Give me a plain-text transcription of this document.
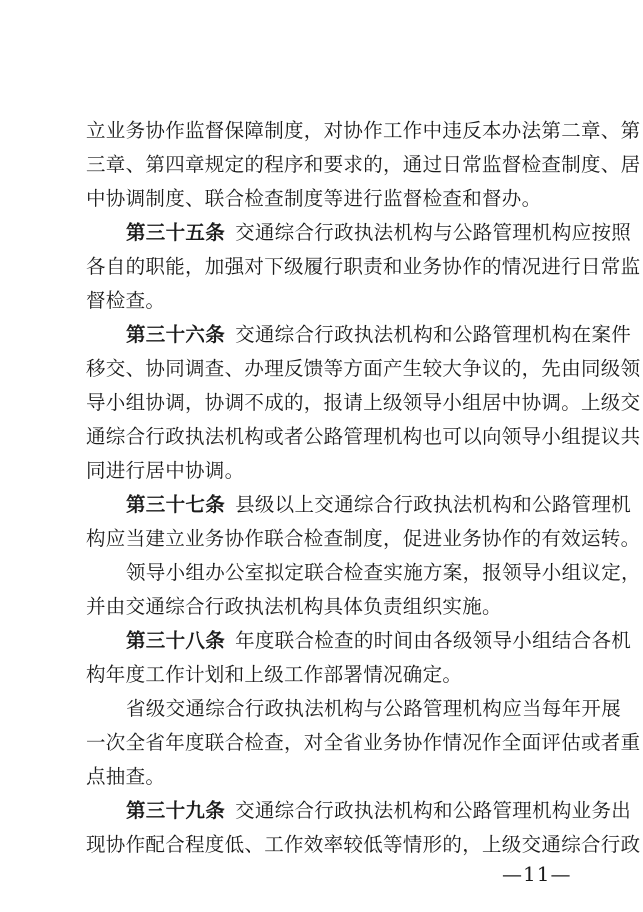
立业务协作监督保障制度，对协作工作中违反本办法第二章、第
三章、第四章规定的程序和要求的，通过日常监督检查制度、居
中协调制度、联合检查制度等进行监督检查和督办。
第三十五条  交通综合行政执法机构与公路管理机构应按照
各自的职能，加强对下级履行职责和业务协作的情况进行日常监
督检查。
第三十六条  交通综合行政执法机构和公路管理机构在案件
移交、协同调查、办理反馈等方面产生较大争议的，先由同级领
导小组协调，协调不成的，报请上级领导小组居中协调。上级交
通综合行政执法机构或者公路管理机构也可以向领导小组提议共
同进行居中协调。
第三十七条  县级以上交通综合行政执法机构和公路管理机
构应当建立业务协作联合检查制度，促进业务协作的有效运转。
领导小组办公室拟定联合检查实施方案，报领导小组议定，
并由交通综合行政执法机构具体负责组织实施。
第三十八条  年度联合检查的时间由各级领导小组结合各机
构年度工作计划和上级工作部署情况确定。
省级交通综合行政执法机构与公路管理机构应当每年开展
一次全省年度联合检查，对全省业务协作情况作全面评估或者重
点抽查。
第三十九条  交通综合行政执法机构和公路管理机构业务出
现协作配合程度低、工作效率较低等情形的，上级交通综合行政
—11—
